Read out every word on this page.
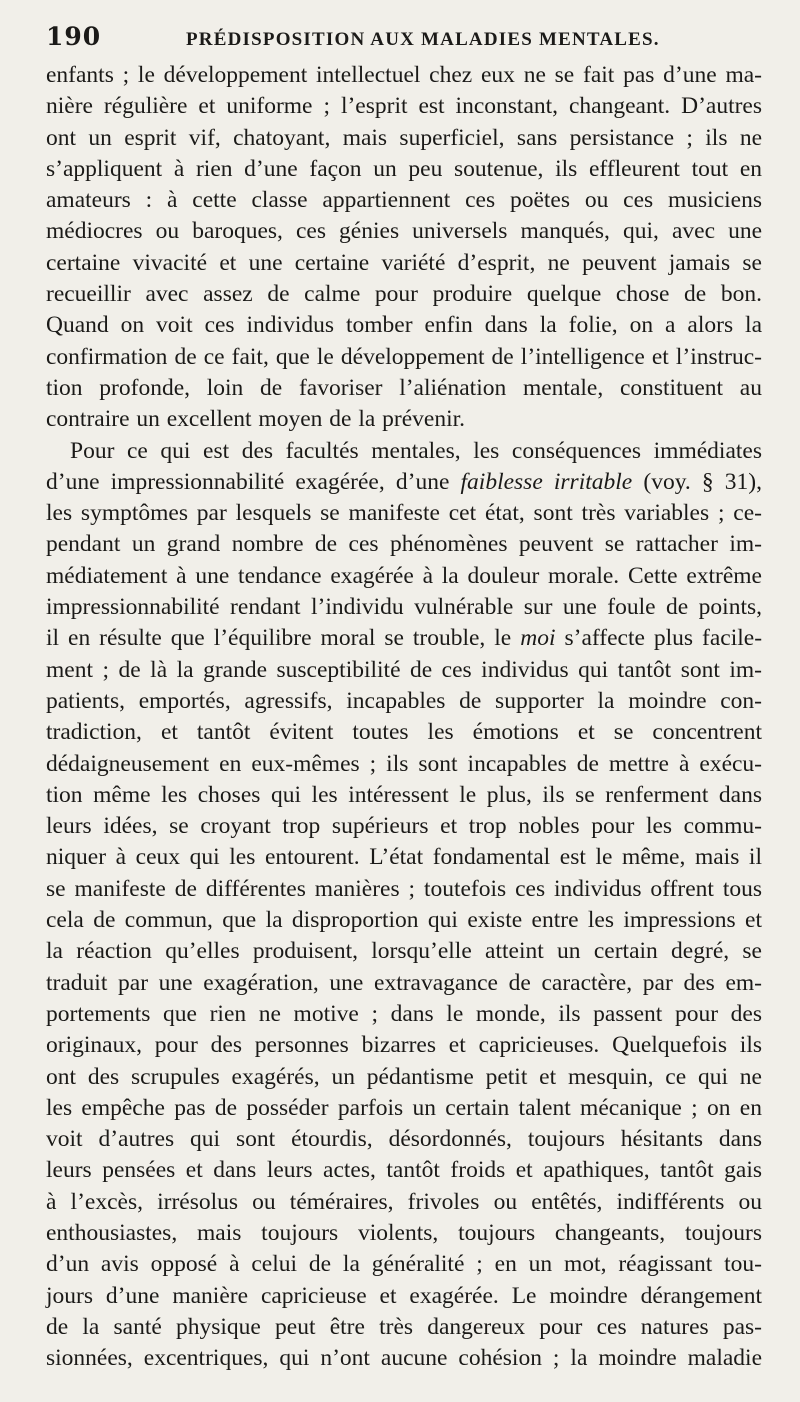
190	PRÉDISPOSITION AUX MALADIES MENTALES.
enfants ; le développement intellectuel chez eux ne se fait pas d’une ma-
nière régulière et uniforme ; l’esprit est inconstant, changeant. D’autres
ont un esprit vif, chatoyant, mais superficiel, sans persistance ; ils ne
s’appliquent à rien d’une façon un peu soutenue, ils effleurent tout en
amateurs : à cette classe appartiennent ces poëtes ou ces musiciens
médiocres ou baroques, ces génies universels manqués, qui, avec une
certaine vivacité et une certaine variété d’esprit, ne peuvent jamais se
recueillir avec assez de calme pour produire quelque chose de bon.
Quand on voit ces individus tomber enfin dans la folie, on a alors la
confirmation de ce fait, que le développement de l’intelligence et l’instruc-
tion profonde, loin de favoriser l’aliénation mentale, constituent au
contraire un excellent moyen de la prévenir.
Pour ce qui est des facultés mentales, les conséquences immédiates
d’une impressionnabilité exagérée, d’une faiblesse irritable (voy. § 31),
les symptômes par lesquels se manifeste cet état, sont très variables ; ce-
pendant un grand nombre de ces phénomènes peuvent se rattacher im-
médiatement à une tendance exagérée à la douleur morale. Cette extrême
impressionnabilité rendant l’individu vulnérable sur une foule de points,
il en résulte que l’équilibre moral se trouble, le moi s’affecte plus facile-
ment ; de là la grande susceptibilité de ces individus qui tantôt sont im-
patients, emportés, agressifs, incapables de supporter la moindre con-
tradiction, et tantôt évitent toutes les émotions et se concentrent
dédaigneusement en eux-mêmes ; ils sont incapables de mettre à exécu-
tion même les choses qui les intéressent le plus, ils se renferment dans
leurs idées, se croyant trop supérieurs et trop nobles pour les commu-
niquer à ceux qui les entourent. L’état fondamental est le même, mais il
se manifeste de différentes manières ; toutefois ces individus offrent tous
cela de commun, que la disproportion qui existe entre les impressions et
la réaction qu’elles produisent, lorsqu’elle atteint un certain degré, se
traduit par une exagération, une extravagance de caractère, par des em-
portements que rien ne motive ; dans le monde, ils passent pour des
originaux, pour des personnes bizarres et capricieuses. Quelquefois ils
ont des scrupules exagérés, un pédantisme petit et mesquin, ce qui ne
les empêche pas de posséder parfois un certain talent mécanique ; on en
voit d’autres qui sont étourdis, désordonnés, toujours hésitants dans
leurs pensées et dans leurs actes, tantôt froids et apathiques, tantôt gais
à l’excès, irrésolus ou téméraires, frivoles ou entêtés, indifférents ou
enthousiastes, mais toujours violents, toujours changeants, toujours
d’un avis opposé à celui de la généralité ; en un mot, réagissant tou-
jours d’une manière capricieuse et exagérée. Le moindre dérangement
de la santé physique peut être très dangereux pour ces natures pas-
sionnées, excentriques, qui n’ont aucune cohésion ; la moindre maladie
